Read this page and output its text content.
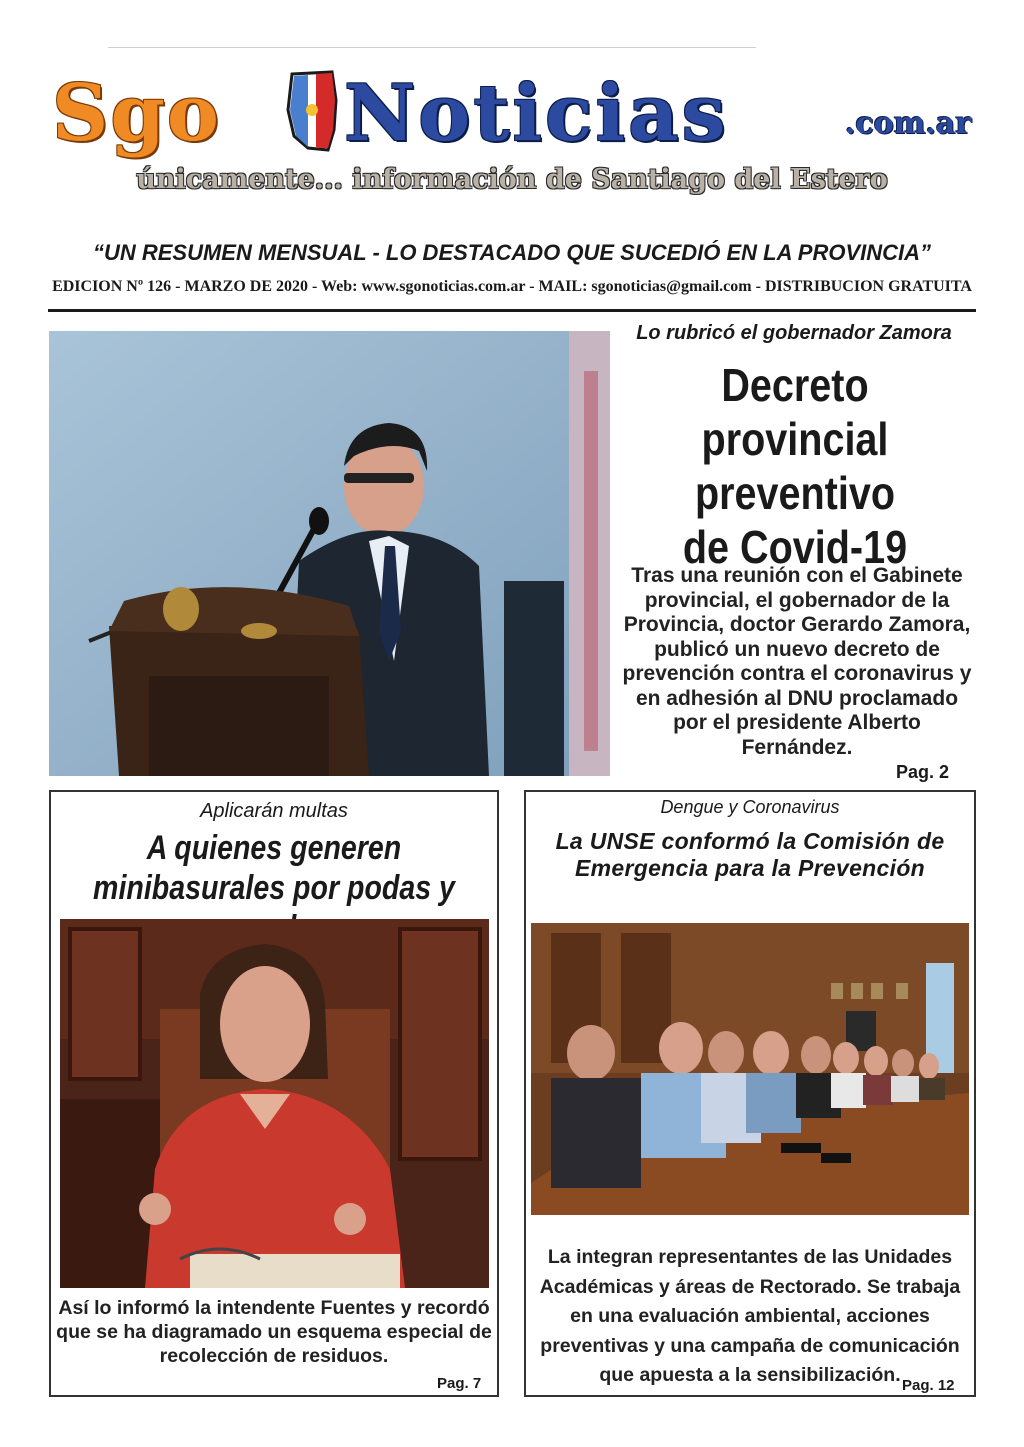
Sgo Noticias	.com.ar
únicamente... información de Santiago del Estero
“UN RESUMEN MENSUAL - LO DESTACADO QUE SUCEDIÓ EN LA PROVINCIA”
EDICION Nº 126 - MARZO DE 2020 - Web: www.sgonoticias.com.ar - MAIL: sgonoticias@gmail.com - DISTRIBUCION GRATUITA
Lo rubricó el gobernador Zamora
Decreto provincial
preventivo
de Covid-19
Tras una reunión con el Gabinete provincial, el gobernador de la Provincia, doctor Gerardo Zamora, publicó un nuevo decreto de prevención contra el coronavirus y en adhesión al DNU proclamado por el presidente Alberto Fernández.
Pag. 2
Aplicarán multas
A quienes generen minibasurales por podas y
Así lo informó la intendente Fuentes y recordó que se ha diagramado un esquema especial de recolección de residuos.
Pag. 7
Dengue y Coronavirus
La UNSE conformó la Comisión de Emergencia para la Prevención
La integran representantes de las Unidades Académicas y áreas de Rectorado. Se trabaja en una evaluación ambiental, acciones preventivas y una campaña de comunicación que apuesta a la sensibilización. Pag. 12
